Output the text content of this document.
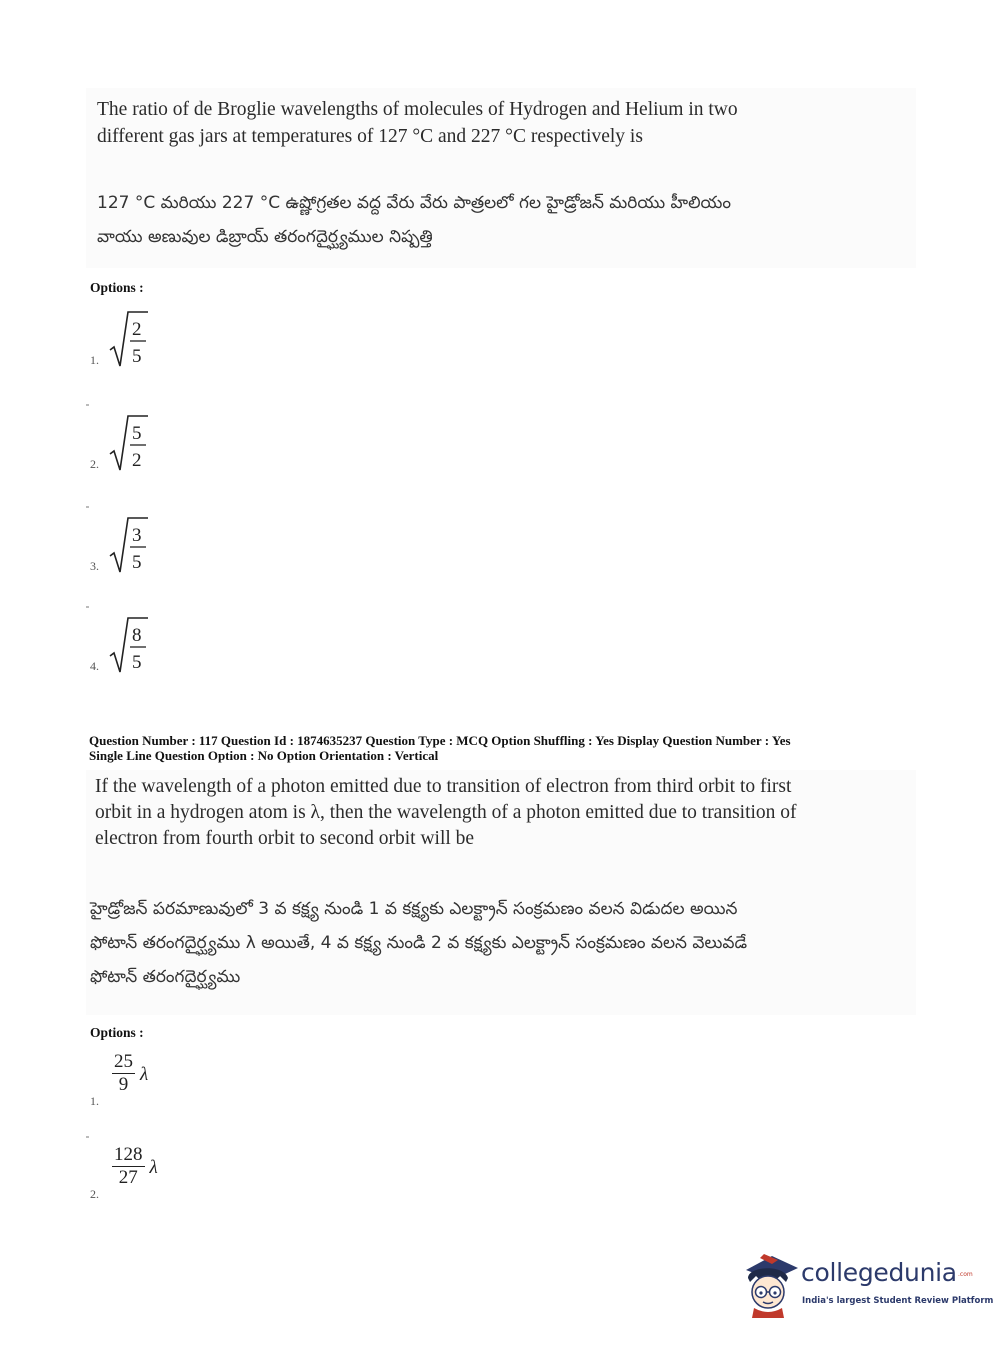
The ratio of de Broglie wavelengths of molecules of Hydrogen and Helium in two
different gas jars at temperatures of 127 °C and 227 °C respectively is
127 °C మరియు 227 °C ఉష్ణోగ్రతల వద్ద వేరు వేరు పాత్రలలో గల హైడ్రోజన్ మరియు హీలియం
వాయు అణువుల డిబ్రాయ్ తరంగదైర్ఘ్యముల నిష్పత్తి
Options :
2
5
1.
5
2
2.
3
5
3.
8
5
4.
Question Number : 117 Question Id : 1874635237 Question Type : MCQ Option Shuffling : Yes Display Question Number : Yes
Single Line Question Option : No Option Orientation : Vertical
If the wavelength of a photon emitted due to transition of electron from third orbit to first
orbit in a hydrogen atom is λ, then the wavelength of a photon emitted due to transition of
electron from fourth orbit to second orbit will be
హైడ్రోజన్ పరమాణువులో 3 వ కక్ష్య నుండి 1 వ కక్ష్యకు ఎలక్ట్రాన్ సంక్రమణం వలన విడుదల అయిన
ఫోటాన్ తరంగదైర్ఘ్యము λ అయితే, 4 వ కక్ష్య నుండి 2 వ కక్ష్యకు ఎలక్ట్రాన్ సంక్రమణం వలన వెలువడే
ఫోటాన్ తరంగదైర్ఘ్యము
Options :
$\frac{25}{9}$ λ
1.
$\frac{128}{27}$ λ
2.
collegedunia .com
India's largest Student Review Platform
